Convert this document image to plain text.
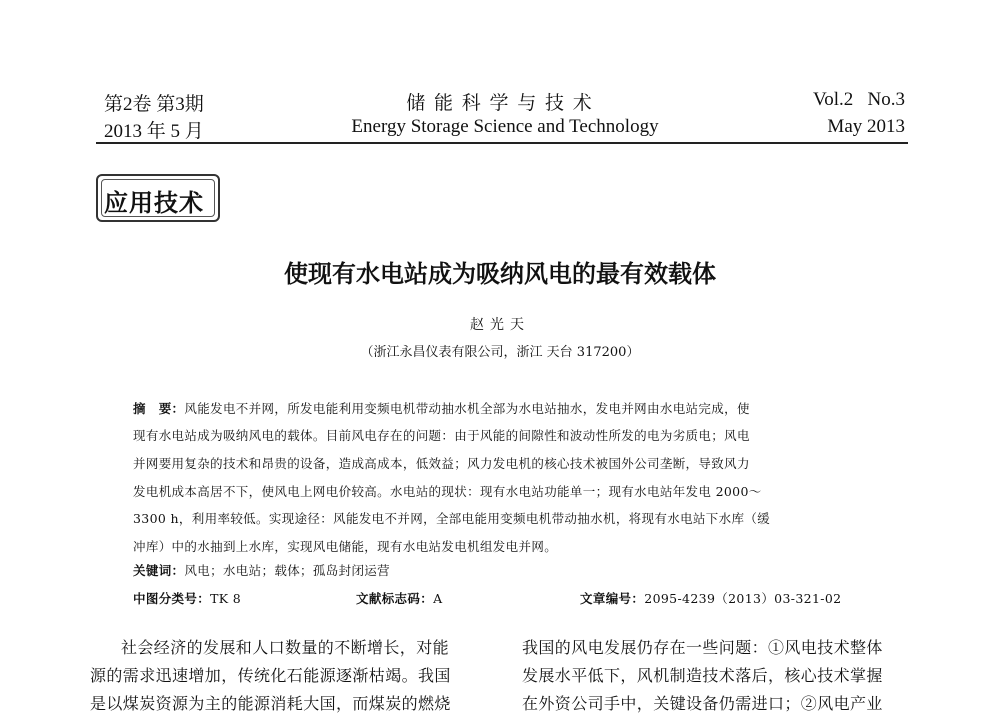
第2卷 第3期
2013 年 5 月
储 能 科 学 与 技 术
Energy Storage Science and Technology
Vol.2   No.3
May 2013
应用技术
使现有水电站成为吸纳风电的最有效载体
赵光天
（浙江永昌仪表有限公司，浙江 天台 317200）
摘　要：风能发电不并网，所发电能利用变频电机带动抽水机全部为水电站抽水，发电并网由水电站完成，使
现有水电站成为吸纳风电的载体。目前风电存在的问题：由于风能的间隙性和波动性所发的电为劣质电；风电
并网要用复杂的技术和昂贵的设备，造成高成本，低效益；风力发电机的核心技术被国外公司垄断，导致风力
发电机成本高居不下，使风电上网电价较高。水电站的现状：现有水电站功能单一；现有水电站年发电 2000～
3300 h，利用率较低。实现途径：风能发电不并网，全部电能用变频电机带动抽水机，将现有水电站下水库（缓
冲库）中的水抽到上水库，实现风电储能，现有水电站发电机组发电并网。
关键词：风电；水电站；载体；孤岛封闭运营
中图分类号：TK 8	文献标志码：A	文章编号：2095-4239（2013）03-321-02
社会经济的发展和人口数量的不断增长，对能
源的需求迅速增加，传统化石能源逐渐枯竭。我国
是以煤炭资源为主的能源消耗大国，而煤炭的燃烧
我国的风电发展仍存在一些问题：①风电技术整体
发展水平低下，风机制造技术落后，核心技术掌握
在外资公司手中，关键设备仍需进口；②风电产业
